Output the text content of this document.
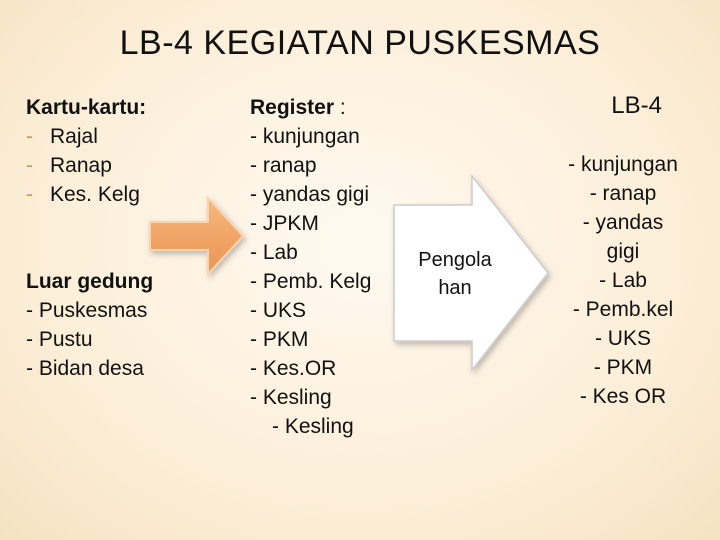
LB-4 KEGIATAN PUSKESMAS
Pengola
han
Kartu-kartu:
- Rajal
- Ranap
- Kes. Kelg
Luar gedung
- Puskesmas
- Pustu
- Bidan desa
Register :
- kunjungan
- ranap
- yandas gigi
- JPKM
- Lab
- Pemb. Kelg
- UKS
- PKM
- Kes.OR
- Kesling
- Kesling
LB-4
- kunjungan
- ranap
- yandas
gigi
- Lab
- Pemb.kel
- UKS
- PKM
- Kes OR
